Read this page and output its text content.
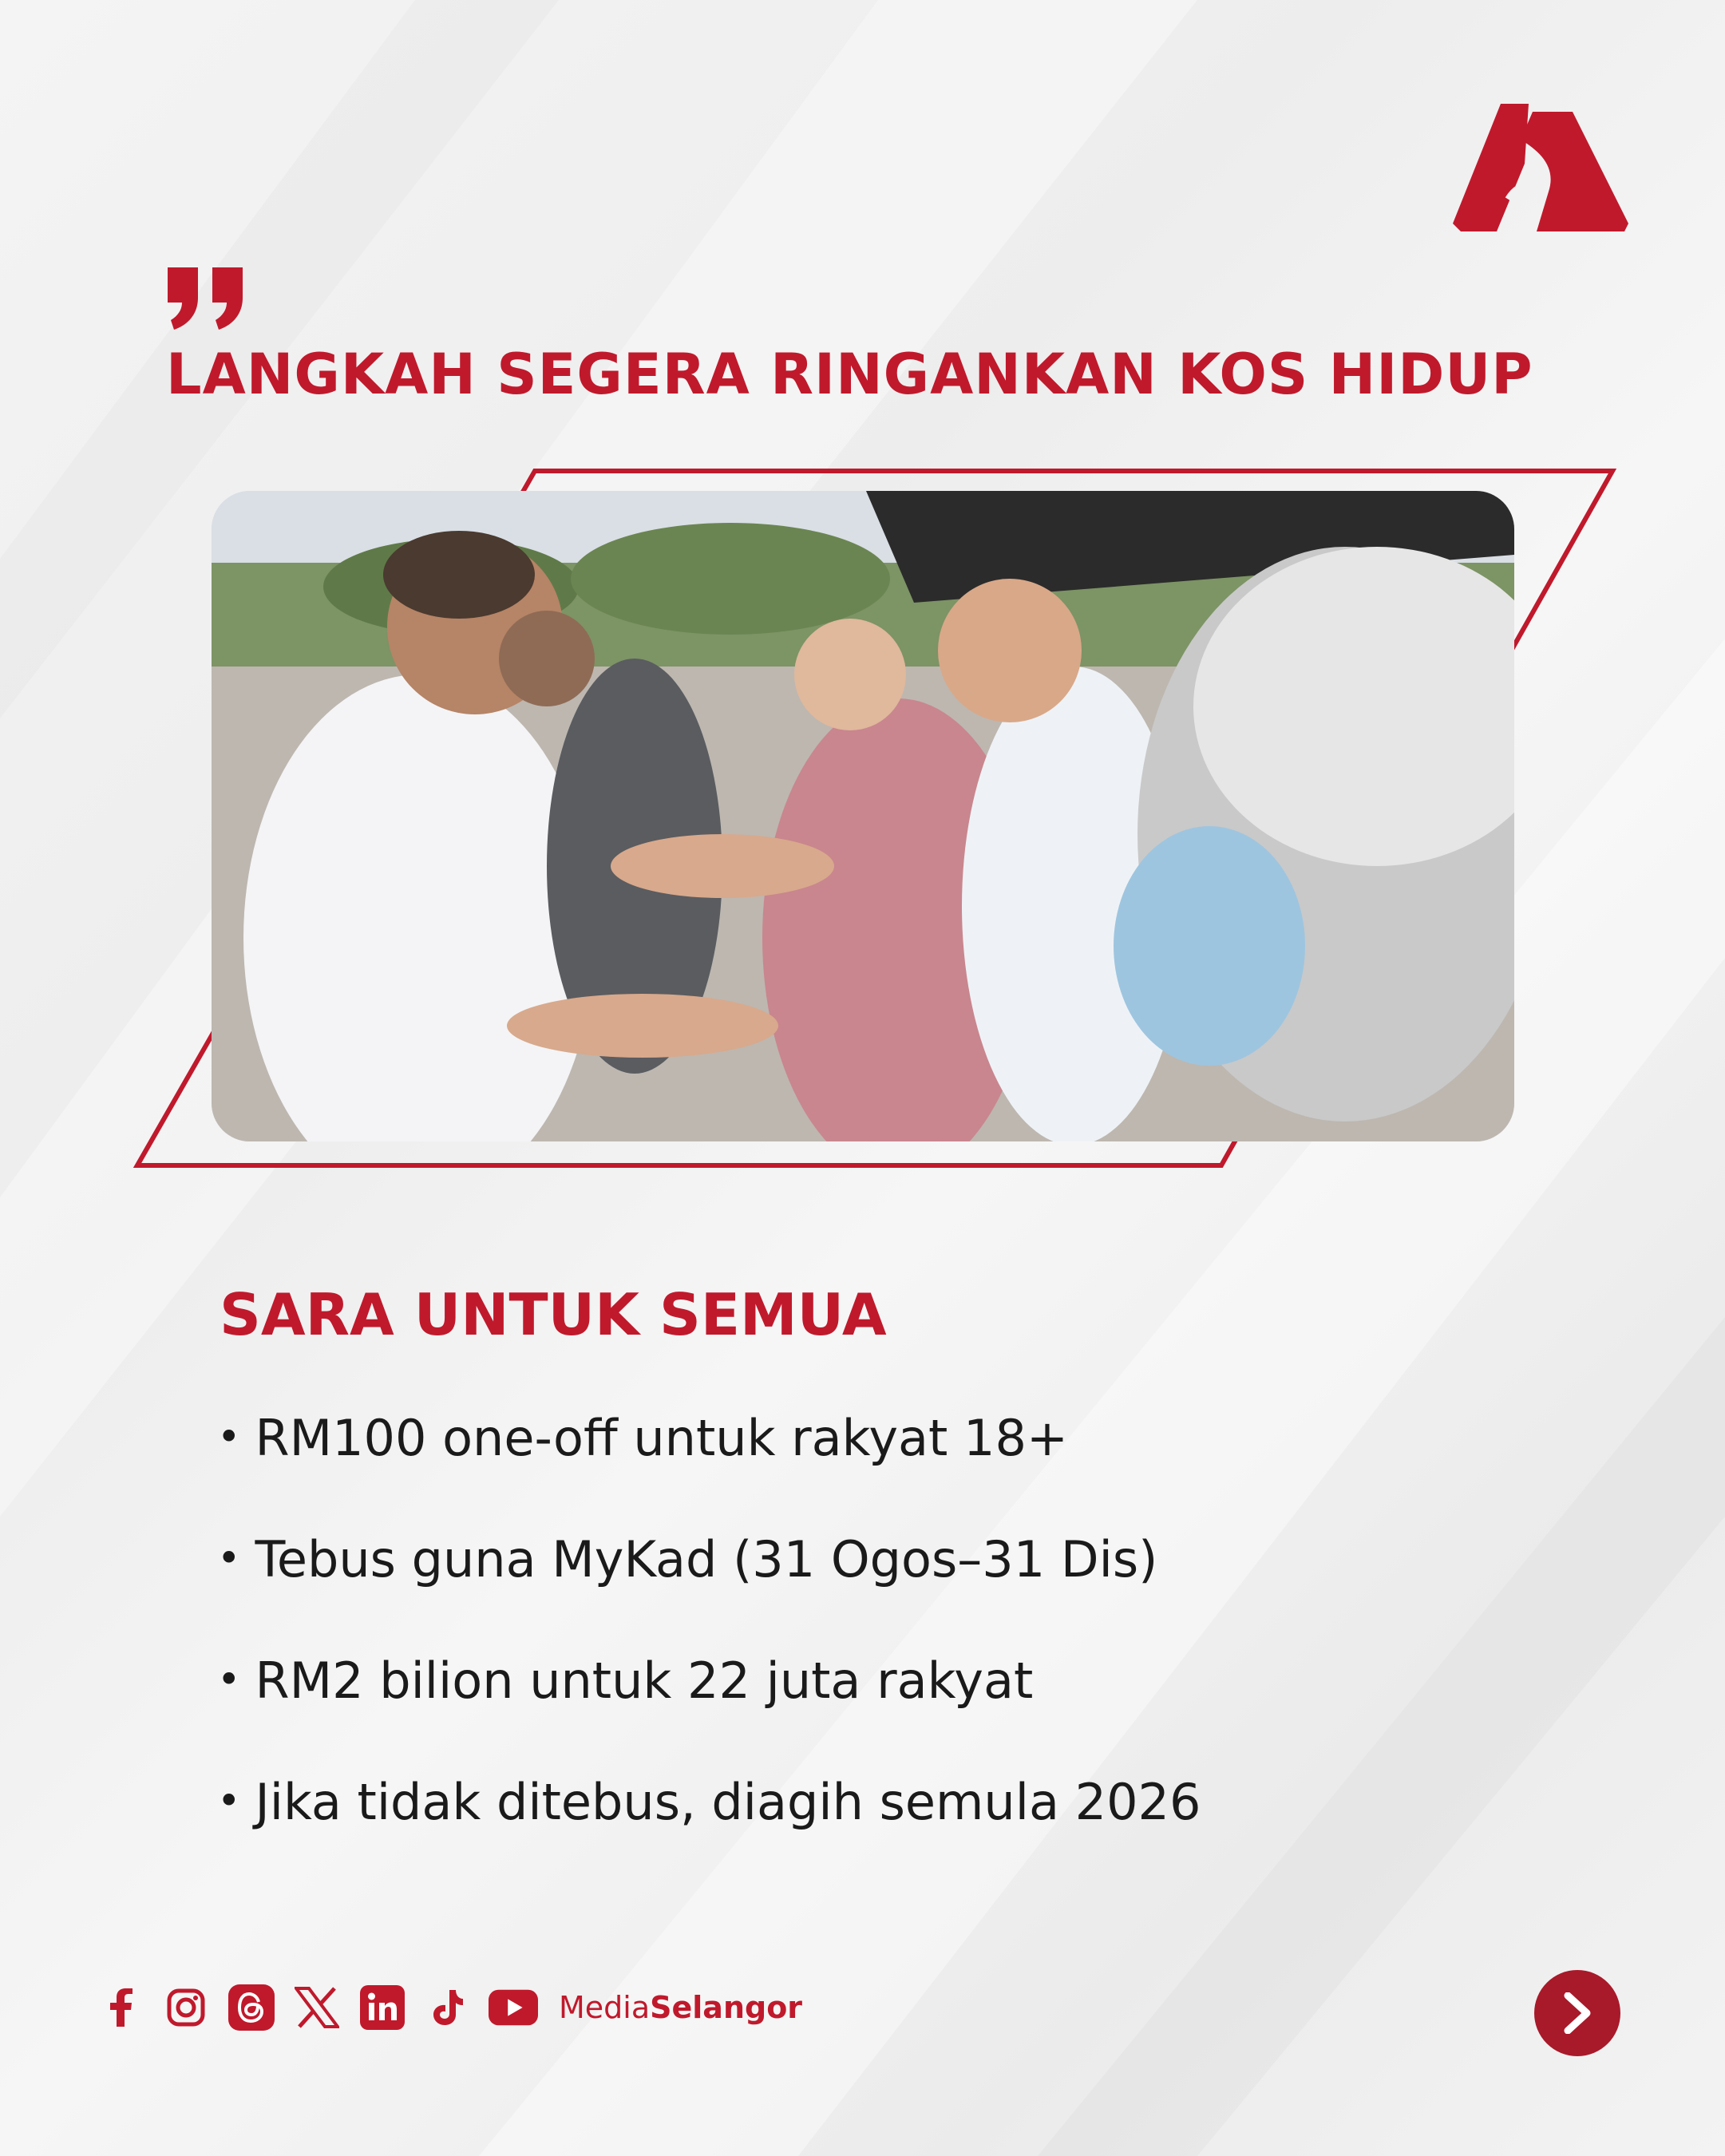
LANGKAH SEGERA RINGANKAN KOS HIDUP
SARA UNTUK SEMUA
• RM100 one-off untuk rakyat 18+
• Tebus guna MyKad (31 Ogos–31 Dis)
• RM2 bilion untuk 22 juta rakyat
• Jika tidak ditebus, diagih semula 2026
MediaSelangor
